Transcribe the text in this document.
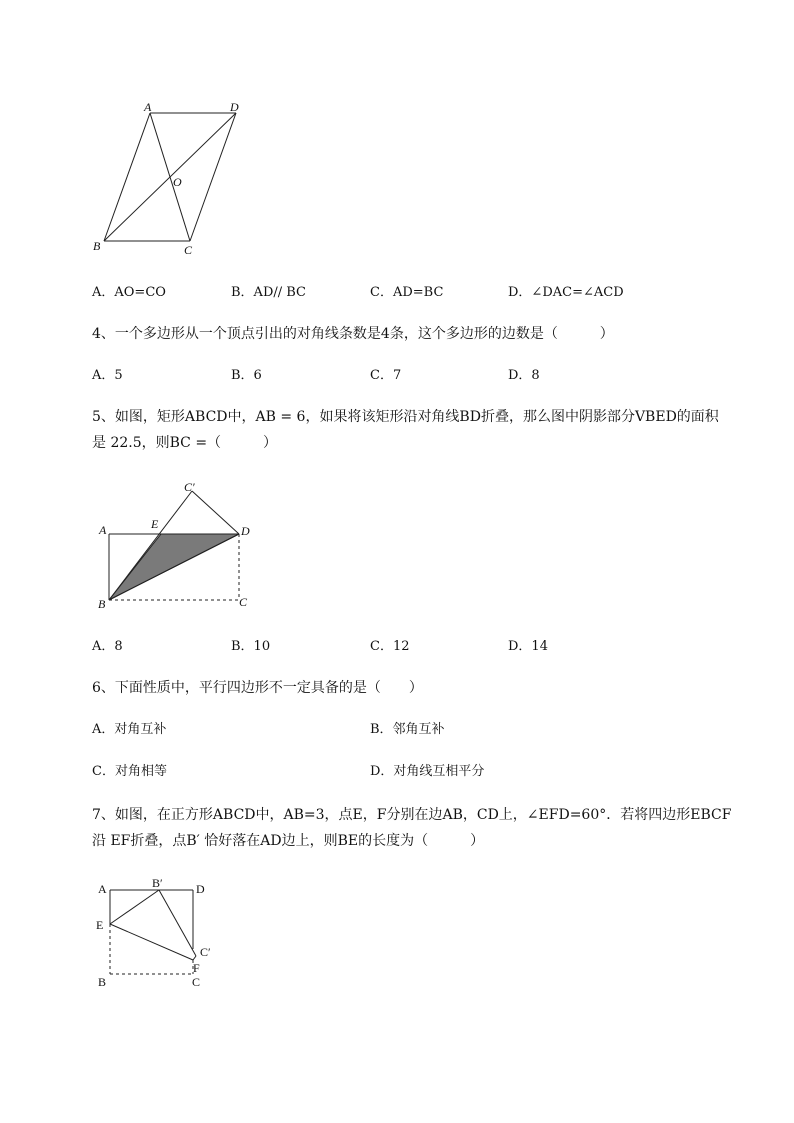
A	D
O
B	C
A．AO=CO	B．AD// BC	C．AD=BC	D．∠DAC=∠ACD
4、一个多边形从一个顶点引出的对角线条数是4条，这个多边形的边数是（　　　）
A．5	B．6	C．7	D．8
5、如图，矩形ABCD中，AB = 6，如果将该矩形沿对角线BD折叠，那么图中阴影部分VBED的面积
是 22.5，则BC =（　　　）
C′
A	E	D
B	C
A．8	B．10	C．12	D．14
6、下面性质中，平行四边形不一定具备的是（　　）
A．对角互补	B．邻角互补
C．对角相等	D．对角线互相平分
7、如图，在正方形ABCD中，AB=3，点E，F分别在边AB，CD上，∠EFD=60°．若将四边形EBCF
沿 EF折叠，点B′ 恰好落在AD边上，则BE的长度为（　　　）
A	B′	D
E
C′
F
B	C
